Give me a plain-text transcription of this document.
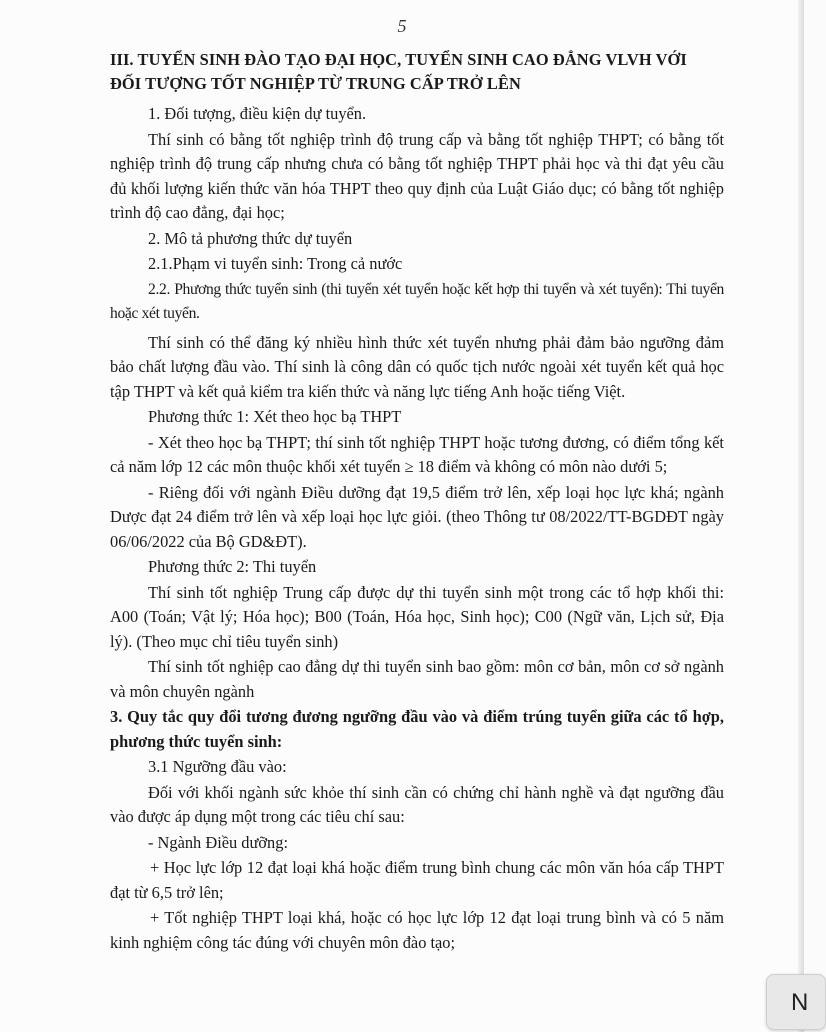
5
III. TUYỂN SINH ĐÀO TẠO ĐẠI HỌC, TUYỂN SINH CAO ĐẲNG VLVH VỚI
ĐỐI TƯỢNG TỐT NGHIỆP TỪ TRUNG CẤP TRỞ LÊN
1. Đối tượng, điều kiện dự tuyển.
Thí sinh có bằng tốt nghiệp trình độ trung cấp và bằng tốt nghiệp THPT; có bằng tốt nghiệp trình độ trung cấp nhưng chưa có bằng tốt nghiệp THPT phải học và thi đạt yêu cầu đủ khối lượng kiến thức văn hóa THPT theo quy định của Luật Giáo dục; có bằng tốt nghiệp trình độ cao đẳng, đại học;
2. Mô tả phương thức dự tuyển
2.1.Phạm vi tuyển sinh: Trong cả nước
2.2. Phương thức tuyển sinh (thi tuyển xét tuyển hoặc kết hợp thi tuyển và xét tuyển): Thi tuyển hoặc xét tuyển.
Thí sinh có thể đăng ký nhiều hình thức xét tuyển nhưng phải đảm bảo ngưỡng đảm bảo chất lượng đầu vào. Thí sinh là công dân có quốc tịch nước ngoài xét tuyển kết quả học tập THPT và kết quả kiểm tra kiến thức và năng lực tiếng Anh hoặc tiếng Việt.
Phương thức 1: Xét theo học bạ THPT
- Xét theo học bạ THPT; thí sinh tốt nghiệp THPT hoặc tương đương, có điểm tổng kết cả năm lớp 12 các môn thuộc khối xét tuyển ≥ 18 điểm và không có môn nào dưới 5;
- Riêng đối với ngành Điều dưỡng đạt 19,5 điểm trở lên, xếp loại học lực khá; ngành Dược đạt 24 điểm trở lên và xếp loại học lực giỏi. (theo Thông tư 08/2022/TT-BGDĐT ngày 06/06/2022 của Bộ GD&ĐT).
Phương thức 2: Thi tuyển
Thí sinh tốt nghiệp Trung cấp được dự thi tuyển sinh một trong các tổ hợp khối thi: A00 (Toán; Vật lý; Hóa học); B00 (Toán, Hóa học, Sinh học); C00 (Ngữ văn, Lịch sử, Địa lý). (Theo mục chỉ tiêu tuyển sinh)
Thí sinh tốt nghiệp cao đẳng dự thi tuyển sinh bao gồm: môn cơ bản, môn cơ sở ngành và môn chuyên ngành
3. Quy tắc quy đổi tương đương ngưỡng đầu vào và điểm trúng tuyển giữa các tổ hợp, phương thức tuyển sinh:
3.1 Ngưỡng đầu vào:
Đối với khối ngành sức khỏe thí sinh cần có chứng chỉ hành nghề và đạt ngưỡng đầu vào được áp dụng một trong các tiêu chí sau:
- Ngành Điều dưỡng:
+ Học lực lớp 12 đạt loại khá hoặc điểm trung bình chung các môn văn hóa cấp THPT đạt từ 6,5 trở lên;
+ Tốt nghiệp THPT loại khá, hoặc có học lực lớp 12 đạt loại trung bình và có 5 năm kinh nghiệm công tác đúng với chuyên môn đào tạo;
N
